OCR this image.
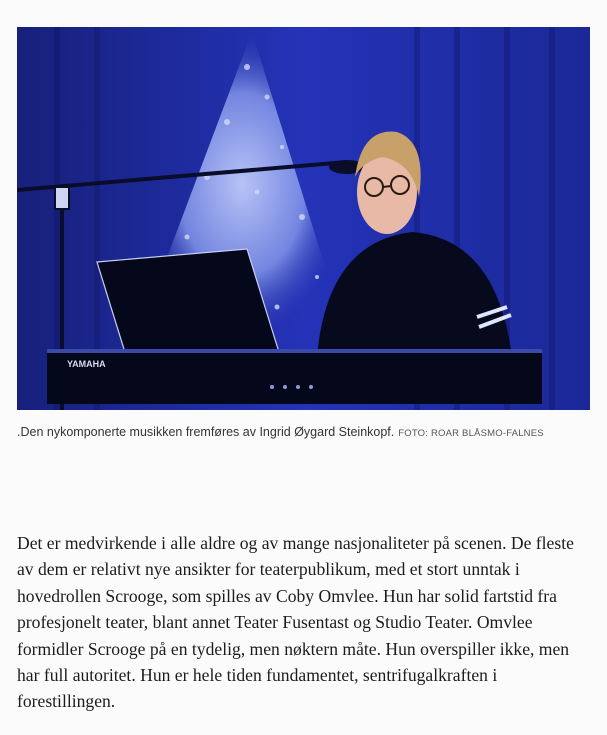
YAMAHA
.Den nykomponerte musikken fremføres av Ingrid Øygard Steinkopf. FOTO: ROAR BLÅSMO-FALNES

Det er medvirkende i alle aldre og av mange nasjonaliteter på scenen. De fleste av dem er relativt nye ansikter for teaterpublikum, med et stort unntak i hovedrollen Scrooge, som spilles av Coby Omvlee. Hun har solid fartstid fra profesjonelt teater, blant annet Teater Fusentast og Studio Teater. Omvlee formidler Scrooge på en tydelig, men nøktern måte. Hun overspiller ikke, men har full autoritet. Hun er hele tiden fundamentet, sentrifugalkraften i forestillingen.
